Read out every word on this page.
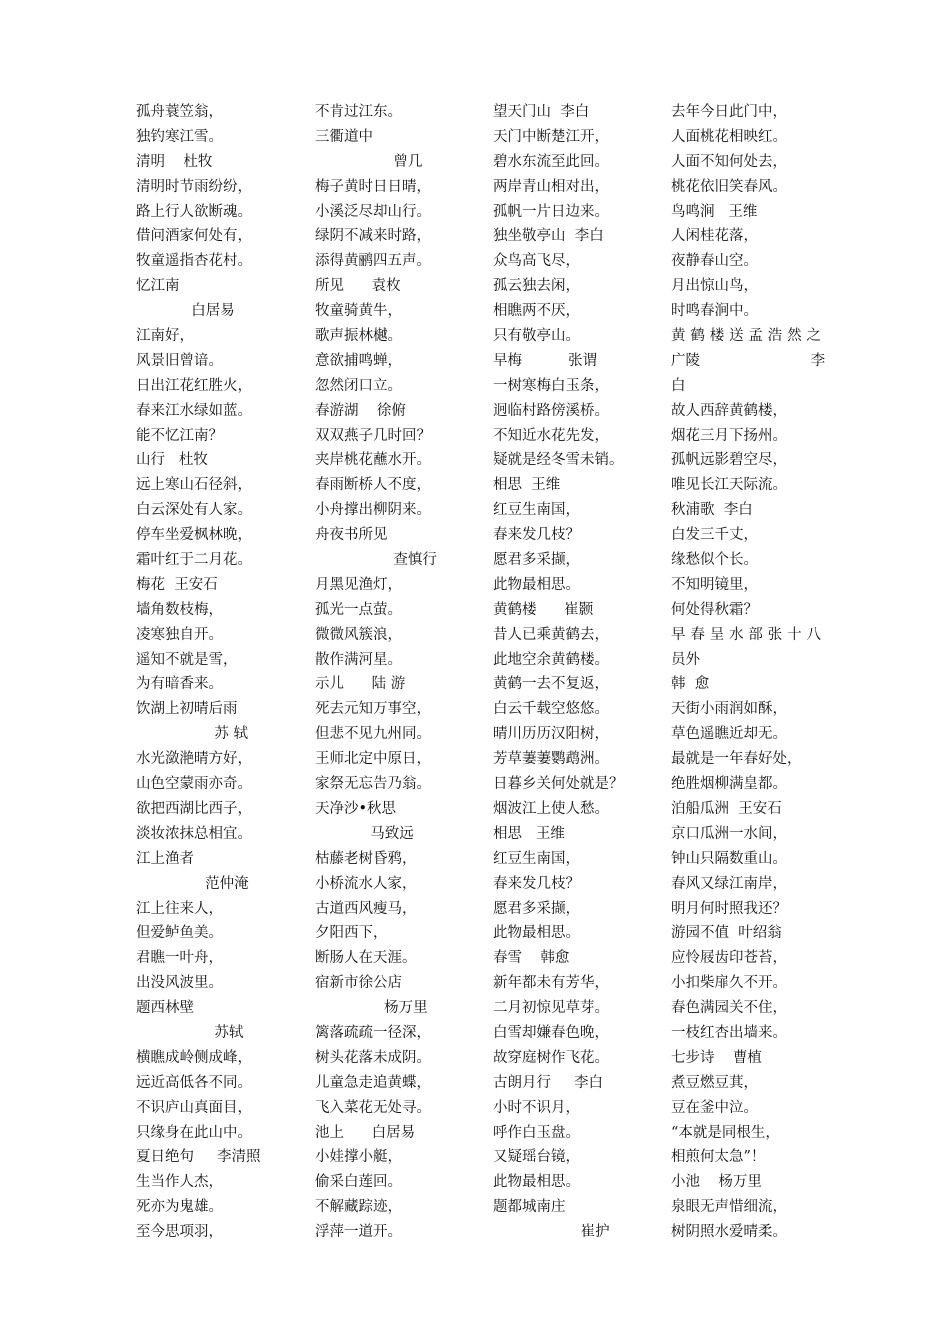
孤舟蓑笠翁，
独钓寒江雪。
清明    杜牧
清明时节雨纷纷，
路上行人欲断魂。
借问酒家何处有，
牧童遥指杏花村。
忆江南
白居易
江南好，
风景旧曾谙。
日出江花红胜火，
春来江水绿如蓝。
能不忆江南？
山行   杜牧
远上寒山石径斜，
白云深处有人家。
停车坐爱枫林晚，
霜叶红于二月花。
梅花  王安石
墙角数枝梅，
凌寒独自开。
遥知不就是雪，
为有暗香来。
饮湖上初晴后雨
苏 轼
水光潋滟晴方好，
山色空蒙雨亦奇。
欲把西湖比西子，
淡妆浓抹总相宜。
江上渔者
范仲淹
江上往来人，
但爱鲈鱼美。
君瞧一叶舟，
出没风波里。
题西林壁
苏轼
横瞧成岭侧成峰，
远近高低各不同。
不识庐山真面目，
只缘身在此山中。
夏日绝句     李清照
生当作人杰，
死亦为鬼雄。
至今思项羽，
不肯过江东。
三衢道中
曾几
梅子黄时日日晴，
小溪泛尽却山行。
绿阴不减来时路，
添得黄鹂四五声。
所见      袁枚
牧童骑黄牛，
歌声振林樾。
意欲捕鸣蝉，
忽然闭口立。
春游湖    徐俯
双双燕子几时回？
夹岸桃花蘸水开。
春雨断桥人不度，
小舟撑出柳阴来。
舟夜书所见
查慎行
月黑见渔灯，
孤光一点萤。
微微风簇浪，
散作满河星。
示儿      陆 游
死去元知万事空，
但悲不见九州同。
王师北定中原日，
家祭无忘告乃翁。
天净沙•秋思
马致远
枯藤老树昏鸦，
小桥流水人家，
古道西风瘦马，
夕阳西下，
断肠人在天涯。
宿新市徐公店
杨万里
篱落疏疏一径深，
树头花落未成阴。
儿童急走追黄蝶，
飞入菜花无处寻。
池上      白居易
小娃撑小艇，
偷采白莲回。
不解藏踪迹，
浮萍一道开。
望天门山  李白
天门中断楚江开，
碧水东流至此回。
两岸青山相对出，
孤帆一片日边来。
独坐敬亭山  李白
众鸟高飞尽，
孤云独去闲，
相瞧两不厌，
只有敬亭山。
早梅          张谓
一树寒梅白玉条，
迥临村路傍溪桥。
不知近水花先发，
疑就是经冬雪未销。
相思  王维
红豆生南国，
春来发几枝？
愿君多采撷，
此物最相思。
黄鹤楼      崔颢
昔人已乘黄鹤去，
此地空余黄鹤楼。
黄鹤一去不复返，
白云千载空悠悠。
晴川历历汉阳树，
芳草萋萋鹦鹉洲。
日暮乡关何处就是？
烟波江上使人愁。
相思   王维
红豆生南国，
春来发几枝？
愿君多采撷，
此物最相思。
春雪    韩愈
新年都未有芳华，
二月初惊见草芽。
白雪却嫌春色晚，
故穿庭树作飞花。
古朗月行     李白
小时不识月，
呼作白玉盘。
又疑瑶台镜，
此物最相思。
题都城南庄
崔护
去年今日此门中，
人面桃花相映红。
人面不知何处去，
桃花依旧笑春风。
鸟鸣涧   王维
人闲桂花落，
夜静春山空。
月出惊山鸟，
时鸣春涧中。
黄鹤楼送孟浩然之
广陵                        李
白
故人西辞黄鹤楼，
烟花三月下扬州。
孤帆远影碧空尽，
唯见长江天际流。
秋浦歌  李白
白发三千丈，
缘愁似个长。
不知明镜里，
何处得秋霜？
早春呈水部张十八
员外
韩  愈
天街小雨润如酥，
草色遥瞧近却无。
最就是一年春好处，
绝胜烟柳满皇都。
泊船瓜洲  王安石
京口瓜洲一水间，
钟山只隔数重山。
春风又绿江南岸，
明月何时照我还？
游园不值  叶绍翁
应怜屐齿印苍苔，
小扣柴扉久不开。
春色满园关不住，
一枝红杏出墙来。
七步诗    曹植
煮豆燃豆萁，
豆在釜中泣。
“本就是同根生，
相煎何太急”！
小池    杨万里
泉眼无声惜细流，
树阴照水爱晴柔。
